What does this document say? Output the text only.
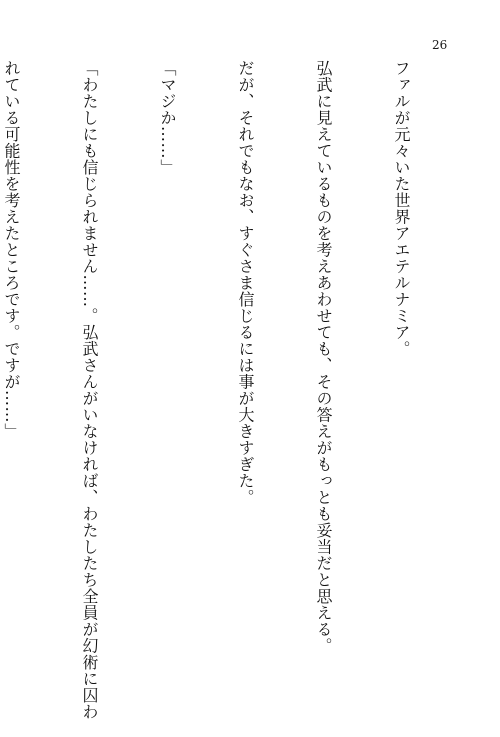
26

ファルが元々いた世界アエテルナミア。

弘武に見えているものを考えあわせても、その答えがもっとも妥当だと思える。

だが、それでもなお、すぐさま信じるには事が大きすぎた。

「マジか……」

「わたしにも信じられません……。弘武さんがいなければ、わたしたち全員が幻術に囚わ

れている可能性を考えたところです。ですが……」
